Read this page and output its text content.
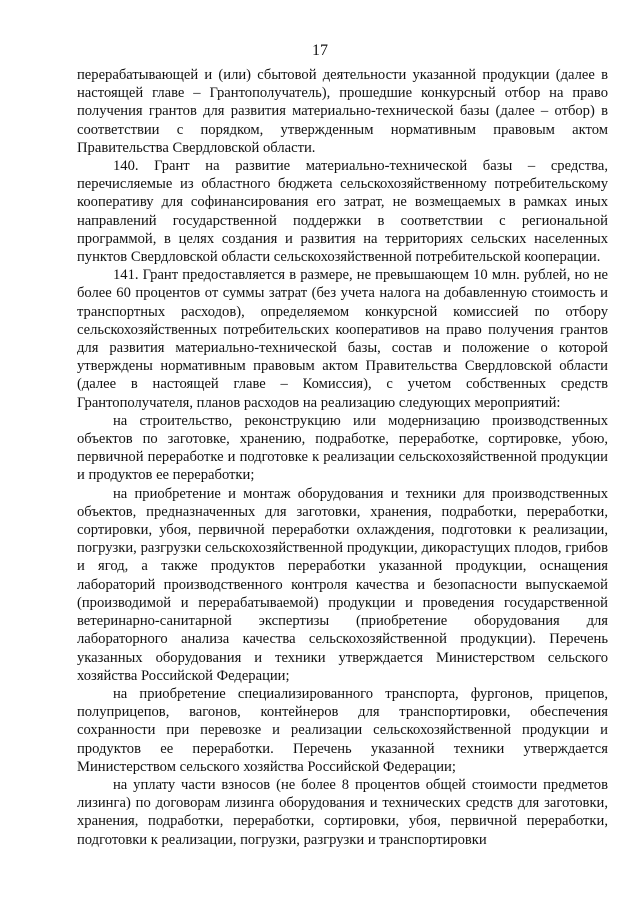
17

перерабатывающей и (или) сбытовой деятельности указанной продукции (далее в настоящей главе – Грантополучатель), прошедшие конкурсный отбор на право получения грантов для развития материально-технической базы (далее – отбор) в соответствии с порядком, утвержденным нормативным правовым актом Правительства Свердловской области.

140. Грант на развитие материально-технической базы – средства, перечисляемые из областного бюджета сельскохозяйственному потребительскому кооперативу для софинансирования его затрат, не возмещаемых в рамках иных направлений государственной поддержки в соответствии с региональной программой, в целях создания и развития на территориях сельских населенных пунктов Свердловской области сельскохозяйственной потребительской кооперации.

141. Грант предоставляется в размере, не превышающем 10 млн. рублей, но не более 60 процентов от суммы затрат (без учета налога на добавленную стоимость и транспортных расходов), определяемом конкурсной комиссией по отбору сельскохозяйственных потребительских кооперативов на право получения грантов для развития материально-технической базы, состав и положение о которой утверждены нормативным правовым актом Правительства Свердловской области (далее в настоящей главе – Комиссия), с учетом собственных средств Грантополучателя, планов расходов на реализацию следующих мероприятий:

на строительство, реконструкцию или модернизацию производственных объектов по заготовке, хранению, подработке, переработке, сортировке, убою, первичной переработке и подготовке к реализации сельскохозяйственной продукции и продуктов ее переработки;

на приобретение и монтаж оборудования и техники для производственных объектов, предназначенных для заготовки, хранения, подработки, переработки, сортировки, убоя, первичной переработки охлаждения, подготовки к реализации, погрузки, разгрузки сельскохозяйственной продукции, дикорастущих плодов, грибов и ягод, а также продуктов переработки указанной продукции, оснащения лабораторий производственного контроля качества и безопасности выпускаемой (производимой и перерабатываемой) продукции и проведения государственной ветеринарно-санитарной экспертизы (приобретение оборудования для лабораторного анализа качества сельскохозяйственной продукции). Перечень указанных оборудования и техники утверждается Министерством сельского хозяйства Российской Федерации;

на приобретение специализированного транспорта, фургонов, прицепов, полуприцепов, вагонов, контейнеров для транспортировки, обеспечения сохранности при перевозке и реализации сельскохозяйственной продукции и продуктов ее переработки. Перечень указанной техники утверждается Министерством сельского хозяйства Российской Федерации;

на уплату части взносов (не более 8 процентов общей стоимости предметов лизинга) по договорам лизинга оборудования и технических средств для заготовки, хранения, подработки, переработки, сортировки, убоя, первичной переработки, подготовки к реализации, погрузки, разгрузки и транспортировки
